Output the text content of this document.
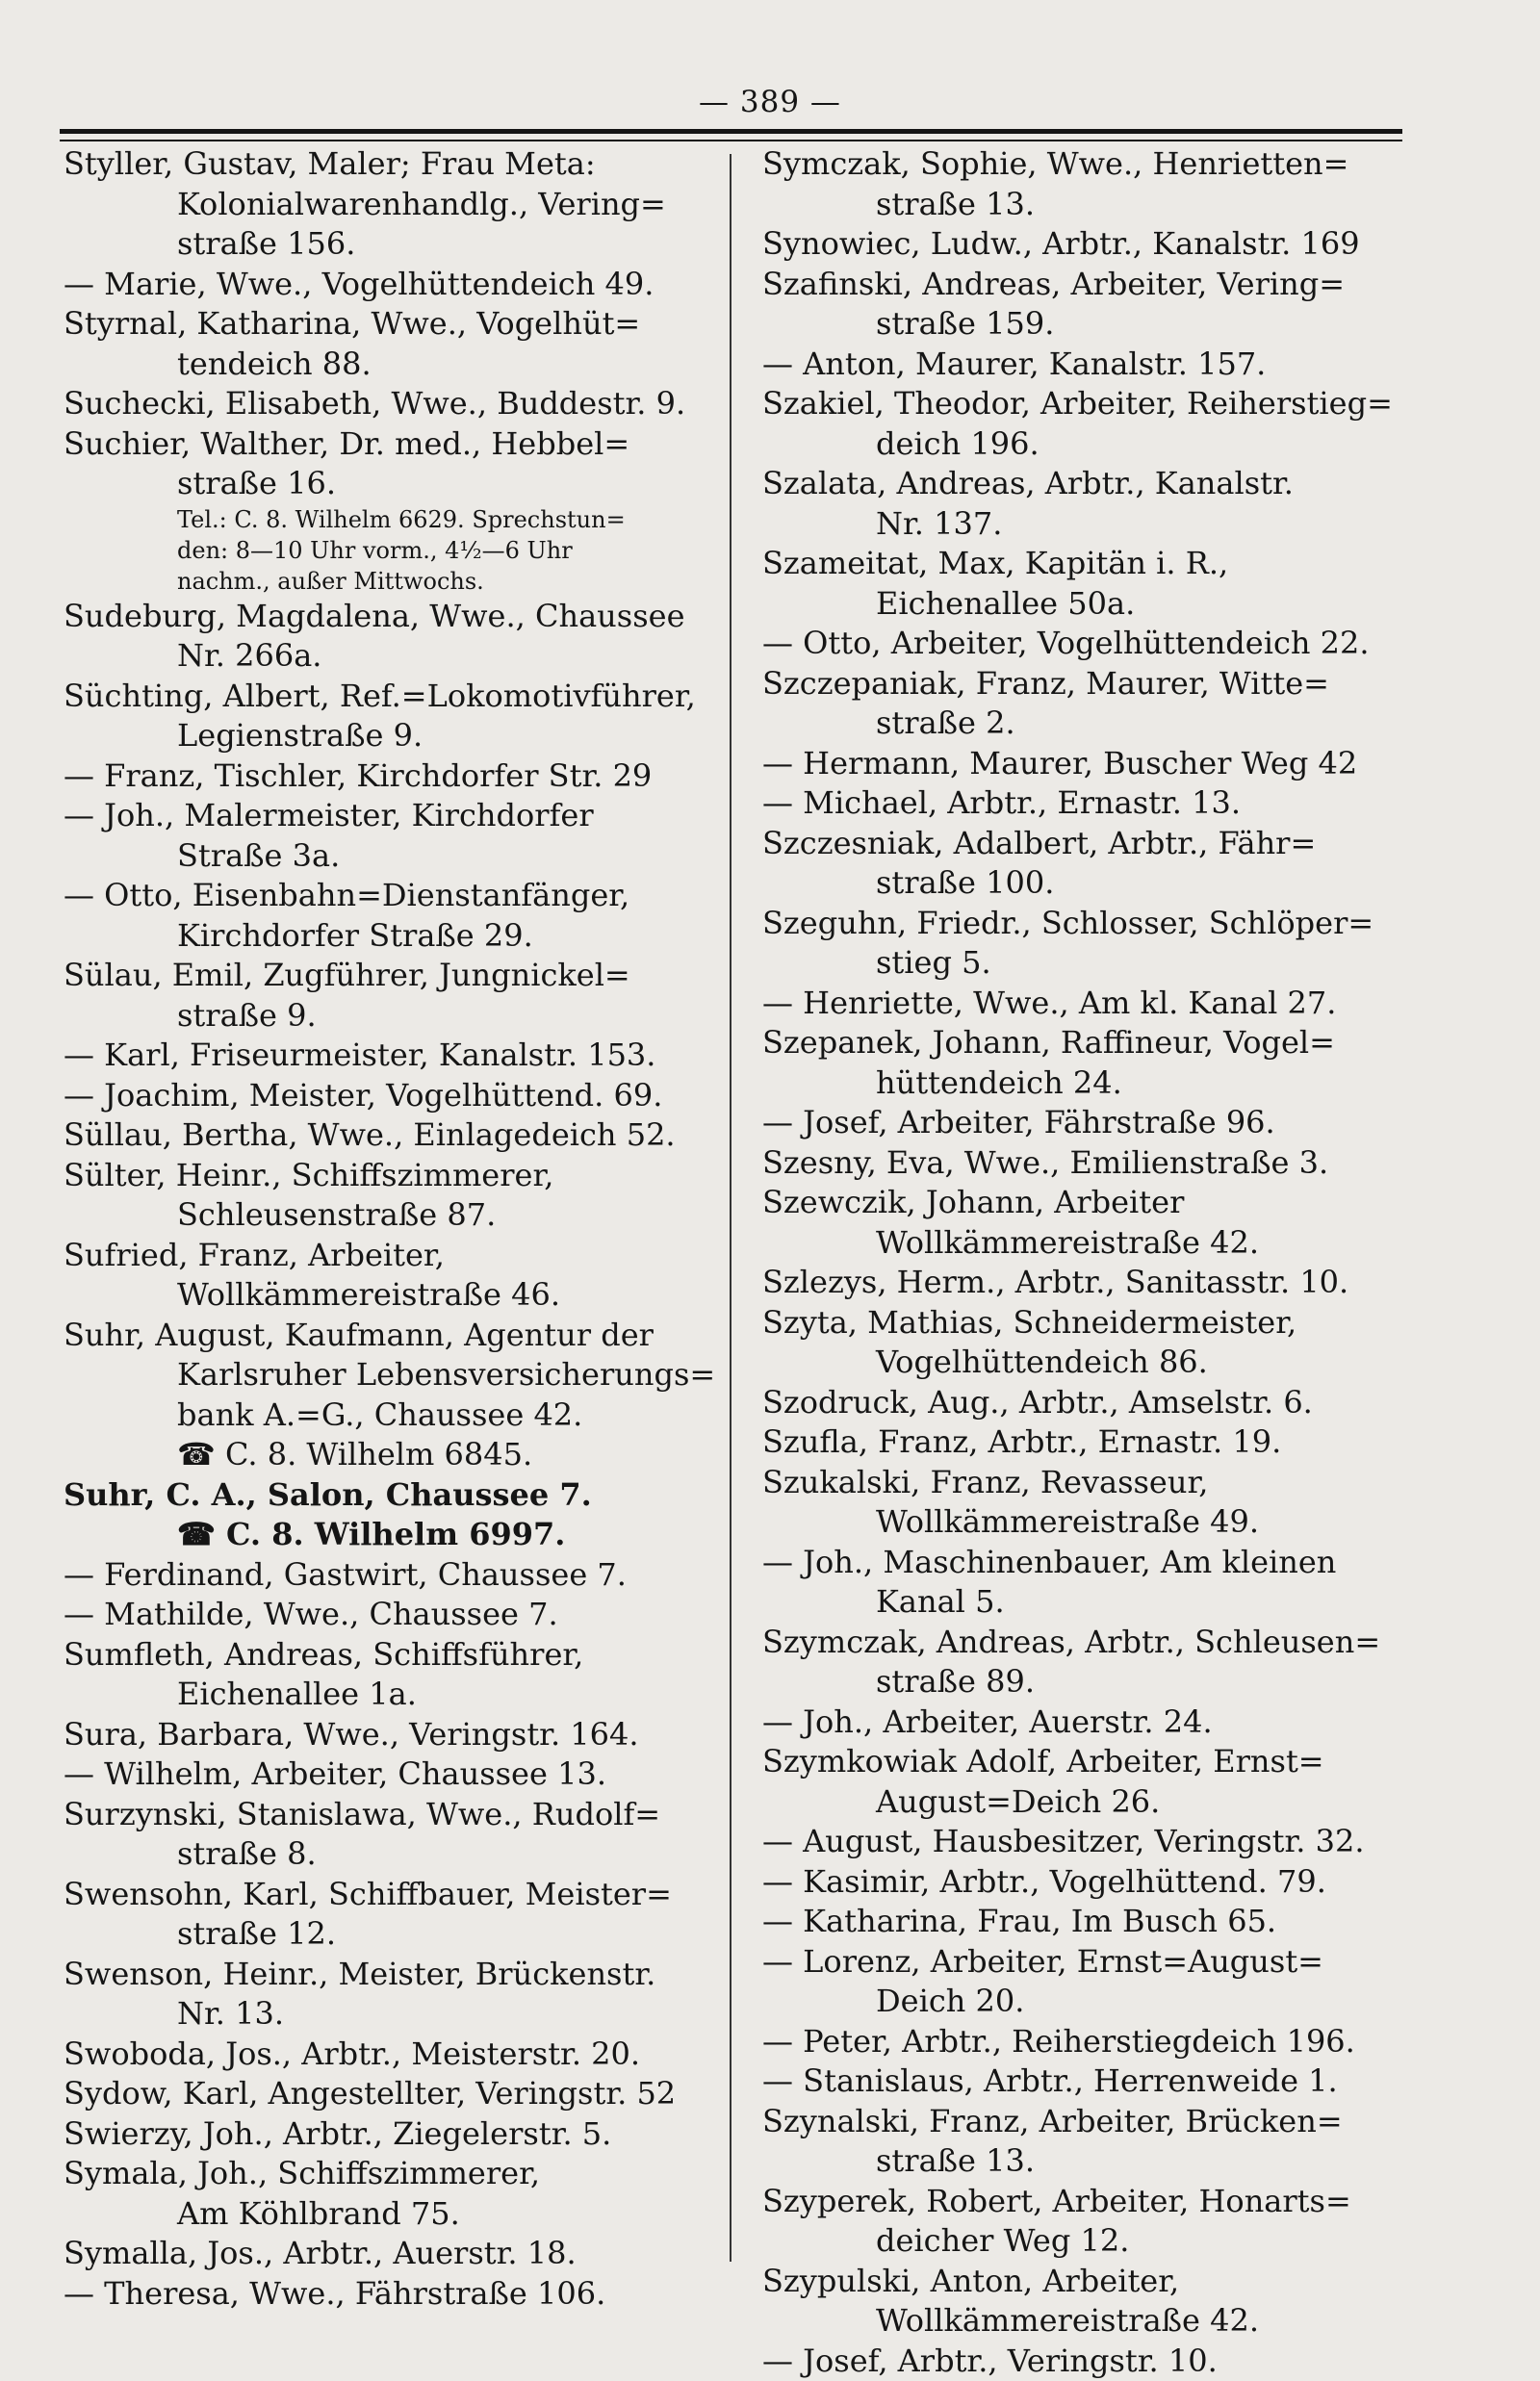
— 389 —
Styller, Gustav, Maler; Frau Meta:
Kolonialwarenhandlg., Vering=
straße 156.
— Marie, Wwe., Vogelhüttendeich 49.
Styrnal, Katharina, Wwe., Vogelhüt=
tendeich 88.
Suchecki, Elisabeth, Wwe., Buddestr. 9.
Suchier, Walther, Dr. med., Hebbel=
straße 16.
Tel.: C. 8. Wilhelm 6629. Sprechstun=
den: 8—10 Uhr vorm., 4½—6 Uhr
nachm., außer Mittwochs.
Sudeburg, Magdalena, Wwe., Chaussee
Nr. 266a.
Süchting, Albert, Ref.=Lokomotivführer,
Legienstraße 9.
— Franz, Tischler, Kirchdorfer Str. 29
— Joh., Malermeister, Kirchdorfer
Straße 3a.
— Otto, Eisenbahn=Dienstanfänger,
Kirchdorfer Straße 29.
Sülau, Emil, Zugführer, Jungnickel=
straße 9.
— Karl, Friseurmeister, Kanalstr. 153.
— Joachim, Meister, Vogelhüttend. 69.
Süllau, Bertha, Wwe., Einlagedeich 52.
Sülter, Heinr., Schiffszimmerer,
Schleusenstraße 87.
Sufried, Franz, Arbeiter,
Wollkämmereistraße 46.
Suhr, August, Kaufmann, Agentur der
Karlsruher Lebensversicherungs=
bank A.=G., Chaussee 42.
☎ C. 8. Wilhelm 6845.
Suhr, C. A., Salon, Chaussee 7.
☎ C. 8. Wilhelm 6997.
— Ferdinand, Gastwirt, Chaussee 7.
— Mathilde, Wwe., Chaussee 7.
Sumfleth, Andreas, Schiffsführer,
Eichenallee 1a.
Sura, Barbara, Wwe., Veringstr. 164.
— Wilhelm, Arbeiter, Chaussee 13.
Surzynski, Stanislawa, Wwe., Rudolf=
straße 8.
Swensohn, Karl, Schiffbauer, Meister=
straße 12.
Swenson, Heinr., Meister, Brückenstr.
Nr. 13.
Swoboda, Jos., Arbtr., Meisterstr. 20.
Sydow, Karl, Angestellter, Veringstr. 52
Swierzy, Joh., Arbtr., Ziegelerstr. 5.
Symala, Joh., Schiffszimmerer,
Am Köhlbrand 75.
Symalla, Jos., Arbtr., Auerstr. 18.
— Theresa, Wwe., Fährstraße 106.
Symczak, Sophie, Wwe., Henrietten=
straße 13.
Synowiec, Ludw., Arbtr., Kanalstr. 169
Szafinski, Andreas, Arbeiter, Vering=
straße 159.
— Anton, Maurer, Kanalstr. 157.
Szakiel, Theodor, Arbeiter, Reiherstieg=
deich 196.
Szalata, Andreas, Arbtr., Kanalstr.
Nr. 137.
Szameitat, Max, Kapitän i. R.,
Eichenallee 50a.
— Otto, Arbeiter, Vogelhüttendeich 22.
Szczepaniak, Franz, Maurer, Witte=
straße 2.
— Hermann, Maurer, Buscher Weg 42
— Michael, Arbtr., Ernastr. 13.
Szczesniak, Adalbert, Arbtr., Fähr=
straße 100.
Szeguhn, Friedr., Schlosser, Schlöper=
stieg 5.
— Henriette, Wwe., Am kl. Kanal 27.
Szepanek, Johann, Raffineur, Vogel=
hüttendeich 24.
— Josef, Arbeiter, Fährstraße 96.
Szesny, Eva, Wwe., Emilienstraße 3.
Szewczik, Johann, Arbeiter
Wollkämmereistraße 42.
Szlezys, Herm., Arbtr., Sanitasstr. 10.
Szyta, Mathias, Schneidermeister,
Vogelhüttendeich 86.
Szodruck, Aug., Arbtr., Amselstr. 6.
Szufla, Franz, Arbtr., Ernastr. 19.
Szukalski, Franz, Revasseur,
Wollkämmereistraße 49.
— Joh., Maschinenbauer, Am kleinen
Kanal 5.
Szymczak, Andreas, Arbtr., Schleusen=
straße 89.
— Joh., Arbeiter, Auerstr. 24.
Szymkowiak Adolf, Arbeiter, Ernst=
August=Deich 26.
— August, Hausbesitzer, Veringstr. 32.
— Kasimir, Arbtr., Vogelhüttend. 79.
— Katharina, Frau, Im Busch 65.
— Lorenz, Arbeiter, Ernst=August=
Deich 20.
— Peter, Arbtr., Reiherstiegdeich 196.
— Stanislaus, Arbtr., Herrenweide 1.
Szynalski, Franz, Arbeiter, Brücken=
straße 13.
Szyperek, Robert, Arbeiter, Honarts=
deicher Weg 12.
Szypulski, Anton, Arbeiter,
Wollkämmereistraße 42.
— Josef, Arbtr., Veringstr. 10.
